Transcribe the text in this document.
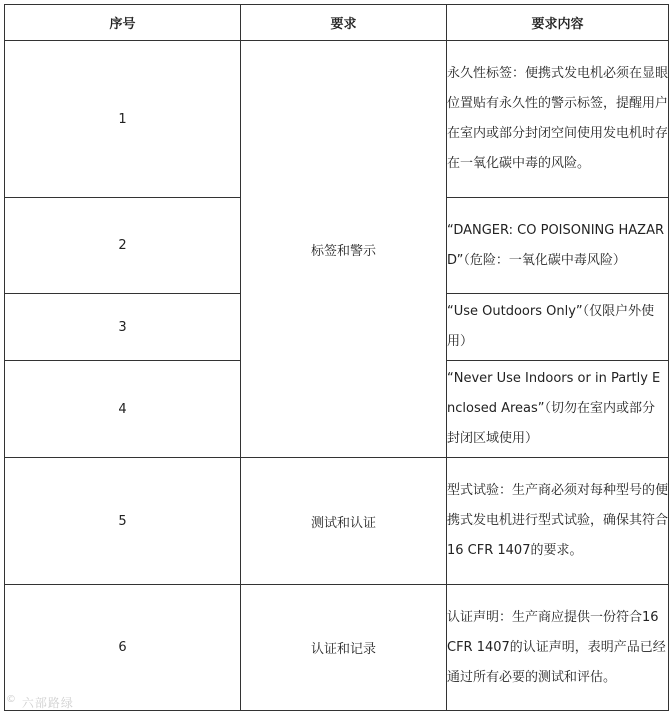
序号	要求	要求内容
1	标签和警示	永久性标签：便携式发电机必须在显眼位置贴有永久性的警示标签，提醒用户在室内或部分封闭空间使用发电机时存在一氧化碳中毒的风险。
2		“DANGER: CO POISONING HAZARD”（危险：一氧化碳中毒风险）
3		“Use Outdoors Only”（仅限户外使用）
4		“Never Use Indoors or in Partly Enclosed Areas”（切勿在室内或部分封闭区域使用）
5	测试和认证	型式试验：生产商必须对每种型号的便携式发电机进行型式试验，确保其符合16 CFR 1407的要求。
6	认证和记录	认证声明：生产商应提供一份符合16 CFR 1407的认证声明，表明产品已经通过所有必要的测试和评估。
© 六部路绿
